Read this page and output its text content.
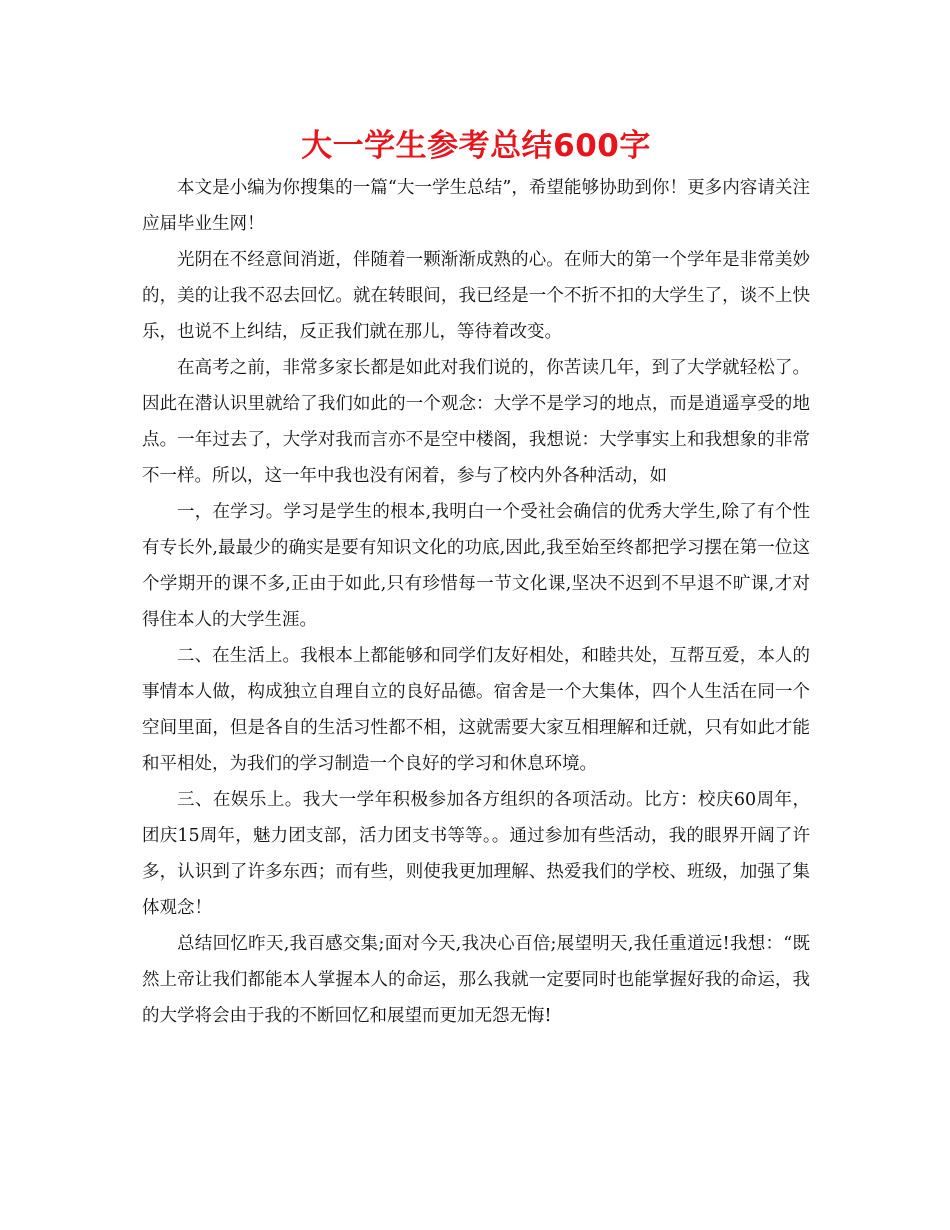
大一学生参考总结600字

本文是小编为你搜集的一篇“大一学生总结”，希望能够协助到你！更多内容请关注应届毕业生网！

光阴在不经意间消逝，伴随着一颗渐渐成熟的心。在师大的第一个学年是非常美妙的，美的让我不忍去回忆。就在转眼间，我已经是一个不折不扣的大学生了，谈不上快乐，也说不上纠结，反正我们就在那儿，等待着改变。

在高考之前，非常多家长都是如此对我们说的，你苦读几年，到了大学就轻松了。因此在潜认识里就给了我们如此的一个观念：大学不是学习的地点，而是逍遥享受的地点。一年过去了，大学对我而言亦不是空中楼阁，我想说：大学事实上和我想象的非常不一样。所以，这一年中我也没有闲着，参与了校内外各种活动，如

一，在学习。学习是学生的根本,我明白一个受社会确信的优秀大学生,除了有个性有专长外,最最少的确实是要有知识文化的功底,因此,我至始至终都把学习摆在第一位这个学期开的课不多,正由于如此,只有珍惜每一节文化课,坚决不迟到不早退不旷课,才对得住本人的大学生涯。

二、在生活上。我根本上都能够和同学们友好相处，和睦共处，互帮互爱，本人的事情本人做，构成独立自理自立的良好品德。宿舍是一个大集体，四个人生活在同一个空间里面，但是各自的生活习性都不相，这就需要大家互相理解和迁就，只有如此才能和平相处，为我们的学习制造一个良好的学习和休息环境。

三、在娱乐上。我大一学年积极参加各方组织的各项活动。比方：校庆60周年，团庆15周年，魅力团支部，活力团支书等等。。通过参加有些活动，我的眼界开阔了许多，认识到了许多东西；而有些，则使我更加理解、热爱我们的学校、班级，加强了集体观念！

总结回忆昨天,我百感交集;面对今天,我决心百倍;展望明天,我任重道远!我想：“既然上帝让我们都能本人掌握本人的命运，那么我就一定要同时也能掌握好我的命运，我的大学将会由于我的不断回忆和展望而更加无怨无悔!
